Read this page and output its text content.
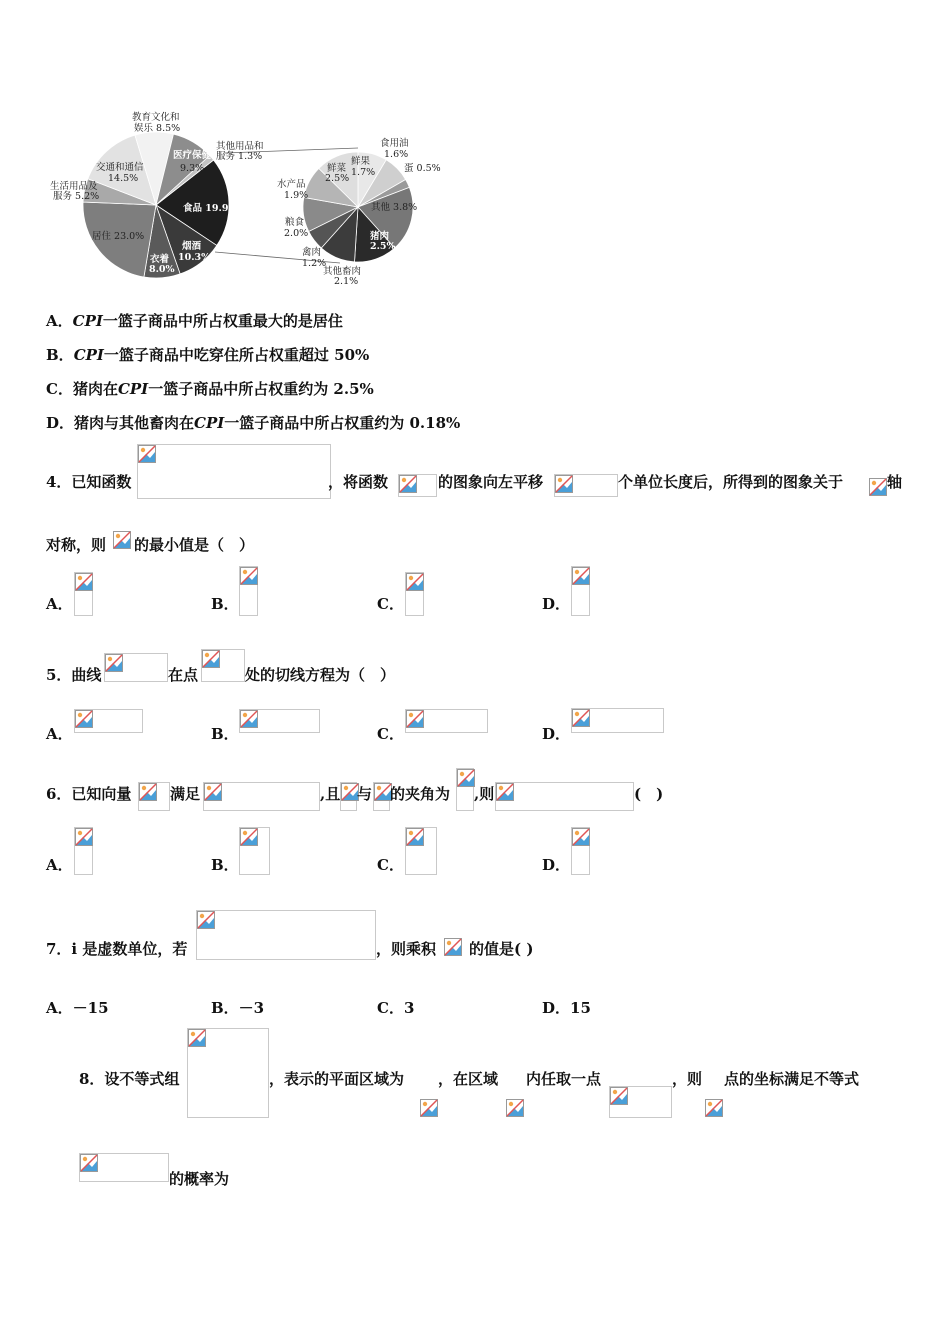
教育文化和
娱乐 8.5%
其他用品和
服务 1.3%
交通和通信
14.5%
医疗保健
9.3%
生活用品及
服务 5.2%
食品 19.9%
居住 23.0%
烟酒
10.3%
衣着
8.0%
食用油
1.6%
鲜果
1.7%	蛋 0.5%
鲜菜
2.5%
水产品
1.9%
其他 3.8%
粮食
2.0%	猪肉
2.5%
禽肉
1.2%
其他畜肉
2.1%
A．CPI一篮子商品中所占权重最大的是居住
B．CPI一篮子商品中吃穿住所占权重超过 50%
C．猪肉在CPI一篮子商品中所占权重约为 2.5%
D．猪肉与其他畜肉在CPI一篮子商品中所占权重约为 0.18%
4．已知函数	，将函数	的图象向左平移	个单位长度后，所得到的图象关于	轴
对称，则 的最小值是（　）
A．	B．	C．	D．
5．曲线	在点	处的切线方程为（　）
A．	B．	C．	D．
6．已知向量	满足	,且 与 的夹角为 ,则	(　)
A．	B．	C．	D．
7．i 是虚数单位，若	，则乘积 的值是( )
A．－15	B．－3	C．3	D．15
8．设不等式组	，表示的平面区域为 ，在区域 内任取一点	，则 点的坐标满足不等式
的概率为
